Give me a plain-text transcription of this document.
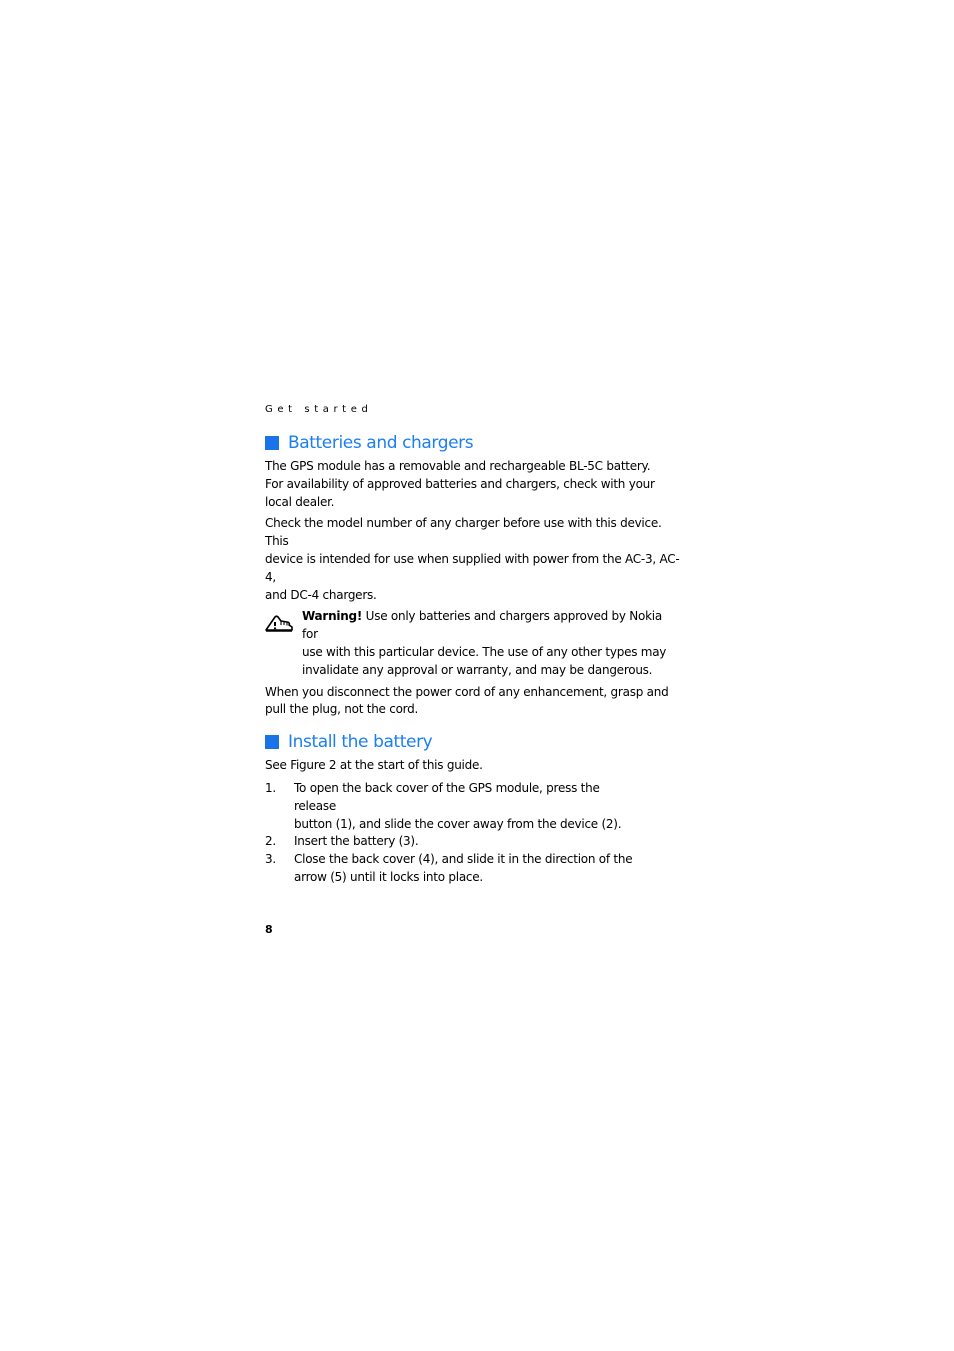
Get started
Batteries and chargers

The GPS module has a removable and rechargeable BL-5C battery.

For availability of approved batteries and chargers, check with your

local dealer.

Check the model number of any charger before use with this device. This

device is intended for use when supplied with power from the AC-3, AC-4,

and DC-4 chargers.

Warning! Use only batteries and chargers approved by Nokia for
use with this particular device. The use of any other types may
invalidate any approval or warranty, and may be dangerous.

When you disconnect the power cord of any enhancement, grasp and

pull the plug, not the cord.

Install the battery

See Figure 2 at the start of this guide.

1.	To open the back cover of the GPS module, press the release
button (1), and slide the cover away from the device (2).
2.	Insert the battery (3).
3.	Close the back cover (4), and slide it in the direction of the
arrow (5) until it locks into place.
8
